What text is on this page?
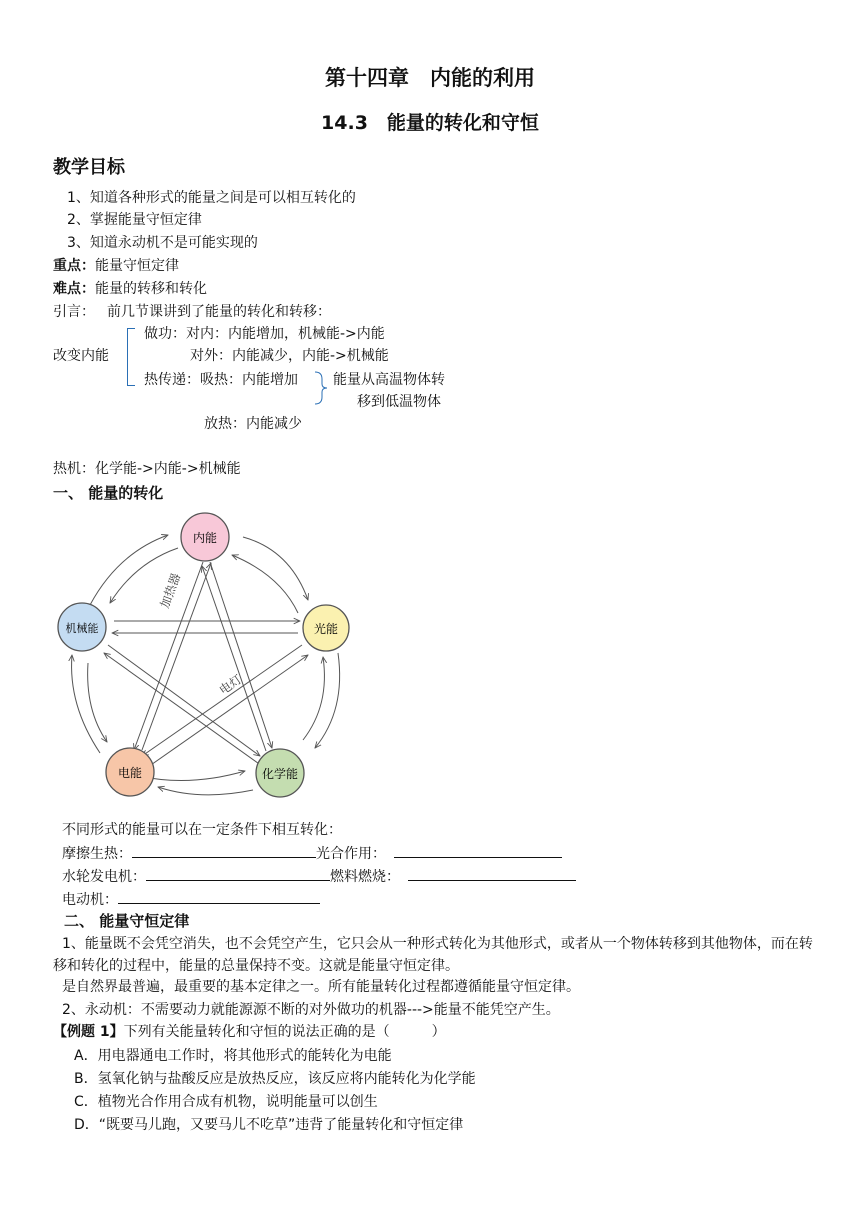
第十四章　内能的利用
14.3　能量的转化和守恒
教学目标
1、知道各种形式的能量之间是可以相互转化的
2、掌握能量守恒定律
3、知道永动机不是可能实现的
重点：能量守恒定律
难点：能量的转移和转化
引言： 前几节课讲到了能量的转化和转移：
改变内能
做功：对内：内能增加，机械能->内能
对外：内能减少，内能->机械能
热传递：吸热：内能增加	能量从高温物体转
移到低温物体
放热：内能减少
热机：化学能->内能->机械能
一、 能量的转化
加热器
电灯
内能
光能
化学能
电能
机械能
不同形式的能量可以在一定条件下相互转化：
摩擦生热：	光合作用：
水轮发电机：	燃料燃烧：
电动机：
二、 能量守恒定律
1、能量既不会凭空消失，也不会凭空产生，它只会从一种形式转化为其他形式，或者从一个物体转移到其他物体，而在转移和转化的过程中，能量的总量保持不变。这就是能量守恒定律。
是自然界最普遍，最重要的基本定律之一。所有能量转化过程都遵循能量守恒定律。
2、永动机：不需要动力就能源源不断的对外做功的机器--->能量不能凭空产生。
【例题 1】下列有关能量转化和守恒的说法正确的是（　　　）
A．用电器通电工作时，将其他形式的能转化为电能
B．氢氧化钠与盐酸反应是放热反应，该反应将内能转化为化学能
C．植物光合作用合成有机物，说明能量可以创生
D．“既要马儿跑，又要马儿不吃草”违背了能量转化和守恒定律
